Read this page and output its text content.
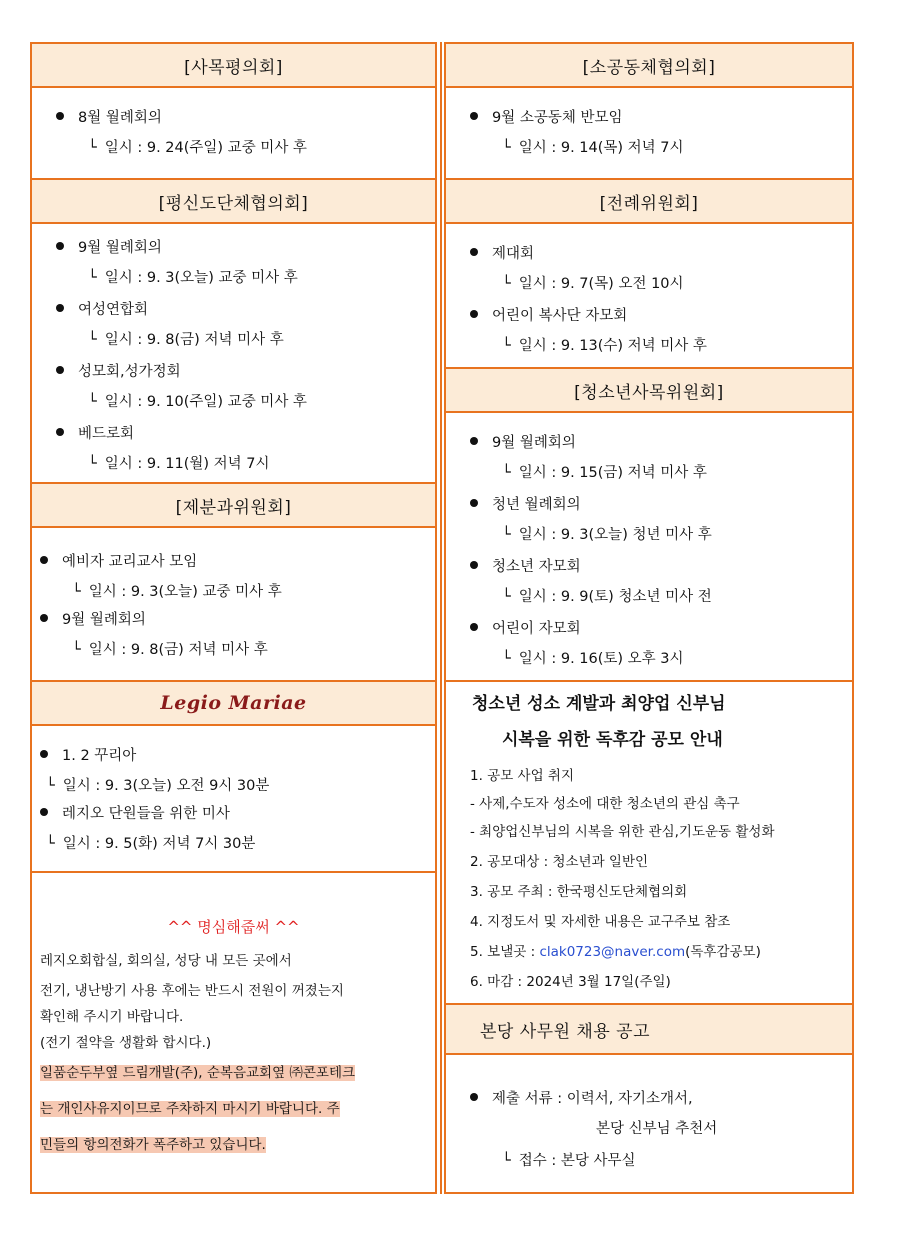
[사목평의회]
8월 월례회의
└ 일시 : 9. 24(주일) 교중 미사 후
[평신도단체협의회]
9월 월례회의
└ 일시 : 9. 3(오늘) 교중 미사 후
여성연합회
└ 일시 : 9. 8(금) 저녁 미사 후
성모회,성가정회
└ 일시 : 9. 10(주일) 교중 미사 후
베드로회
└ 일시 : 9. 11(월) 저녁 7시
[제분과위원회]
예비자 교리교사 모임
└ 일시 : 9. 3(오늘) 교중 미사 후
9월 월례회의
└ 일시 : 9. 8(금) 저녁 미사 후
Legio Mariae
1. 2 꾸리아
└ 일시 : 9. 3(오늘) 오전 9시 30분
레지오 단원들을 위한 미사
└ 일시 : 9. 5(화) 저녁 7시 30분
^^ 명심해줍써 ^^
레지오회합실, 회의실, 성당 내 모든 곳에서
전기, 냉난방기 사용 후에는 반드시 전원이 꺼졌는지
확인해 주시기 바랍니다.
(전기 절약을 생활화 합시다.)
일품순두부옆 드림개발(주), 순복음교회옆 ㈜콘포테크
는 개인사유지이므로 주차하지 마시기 바랍니다. 주
민들의 항의전화가 폭주하고 있습니다.
[소공동체협의회]
9월 소공동체 반모임
└ 일시 : 9. 14(목) 저녁 7시
[전례위원회]
제대회
└ 일시 : 9. 7(목) 오전 10시
어린이 복사단 자모회
└ 일시 : 9. 13(수) 저녁 미사 후
[청소년사목위원회]
9월 월례회의
└ 일시 : 9. 15(금) 저녁 미사 후
청년 월례회의
└ 일시 : 9. 3(오늘) 청년 미사 후
청소년 자모회
└ 일시 : 9. 9(토) 청소년 미사 전
어린이 자모회
└ 일시 : 9. 16(토) 오후 3시
청소년 성소 계발과 최양업 신부님
시복을 위한 독후감 공모 안내
1. 공모 사업 취지
- 사제,수도자 성소에 대한 청소년의 관심 촉구
- 최양업신부님의 시복을 위한 관심,기도운동 활성화
2. 공모대상 : 청소년과 일반인
3. 공모 주최 : 한국평신도단체협의회
4. 지정도서 및 자세한 내용은 교구주보 참조
5. 보낼곳 : clak0723@naver.com(독후감공모)
6. 마감 : 2024년 3월 17일(주일)
본당 사무원 채용 공고
제출 서류 : 이력서, 자기소개서,
본당 신부님 추천서
└ 접수 : 본당 사무실
